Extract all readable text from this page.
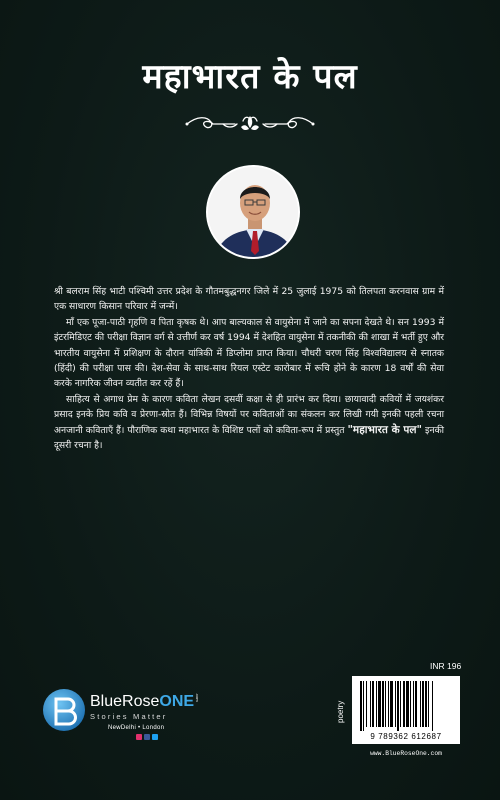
महाभारत के पल

श्री बलराम सिंह भाटी पश्चिमी उत्तर प्रदेश के गौतमबुद्धनगर जिले में 25 जुलाई 1975 को तिलपता करनवास ग्राम में एक साधारण किसान परिवार में जन्में।

माँ एक पूजा-पाठी गृहणि व पिता कृषक थे। आप बाल्यकाल से वायुसेना में जाने का सपना देखते थे। सन 1993 में इंटरमिडिएट की परीक्षा विज्ञान वर्ग से उत्तीर्ण कर वर्ष 1994 में देशहित वायुसेना में तकनीकी की शाखा में भर्ती हुए और भारतीय वायुसेना में प्रशिक्षण के दौरान यांत्रिकी में डिप्लोमा प्राप्त किया। चौधरी चरण सिंह विश्वविद्यालय से स्नातक (हिंदी) की परीक्षा पास की। देश-सेवा के साथ-साथ रियल एस्टेट कारोबार में रूचि होने के कारण 18 वर्षों की सेवा करके नागरिक जीवन व्यतीत कर रहें हैं।

साहित्य से अगाध प्रेम के कारण कविता लेखन दसवीं कक्षा से ही प्रारंभ कर दिया। छायावादी कवियों में जयशंकर प्रसाद इनके प्रिय कवि व प्रेरणा-स्रोत हैं। विभिन्न विषयों पर कविताओं का संकलन कर लिखी गयी इनकी पहली रचना अनजानी कविताएँ हैं। पौराणिक कथा महाभारत के विशिष्ट पलों को कविता-रूप में प्रस्तुत "महाभारत के पल" इनकी दूसरी रचना है।

BlueRoseONE.com
Stories Matter
NewDelhi • London
INR 196
poetry
9 789362 612687
www.BlueRoseOne.com
